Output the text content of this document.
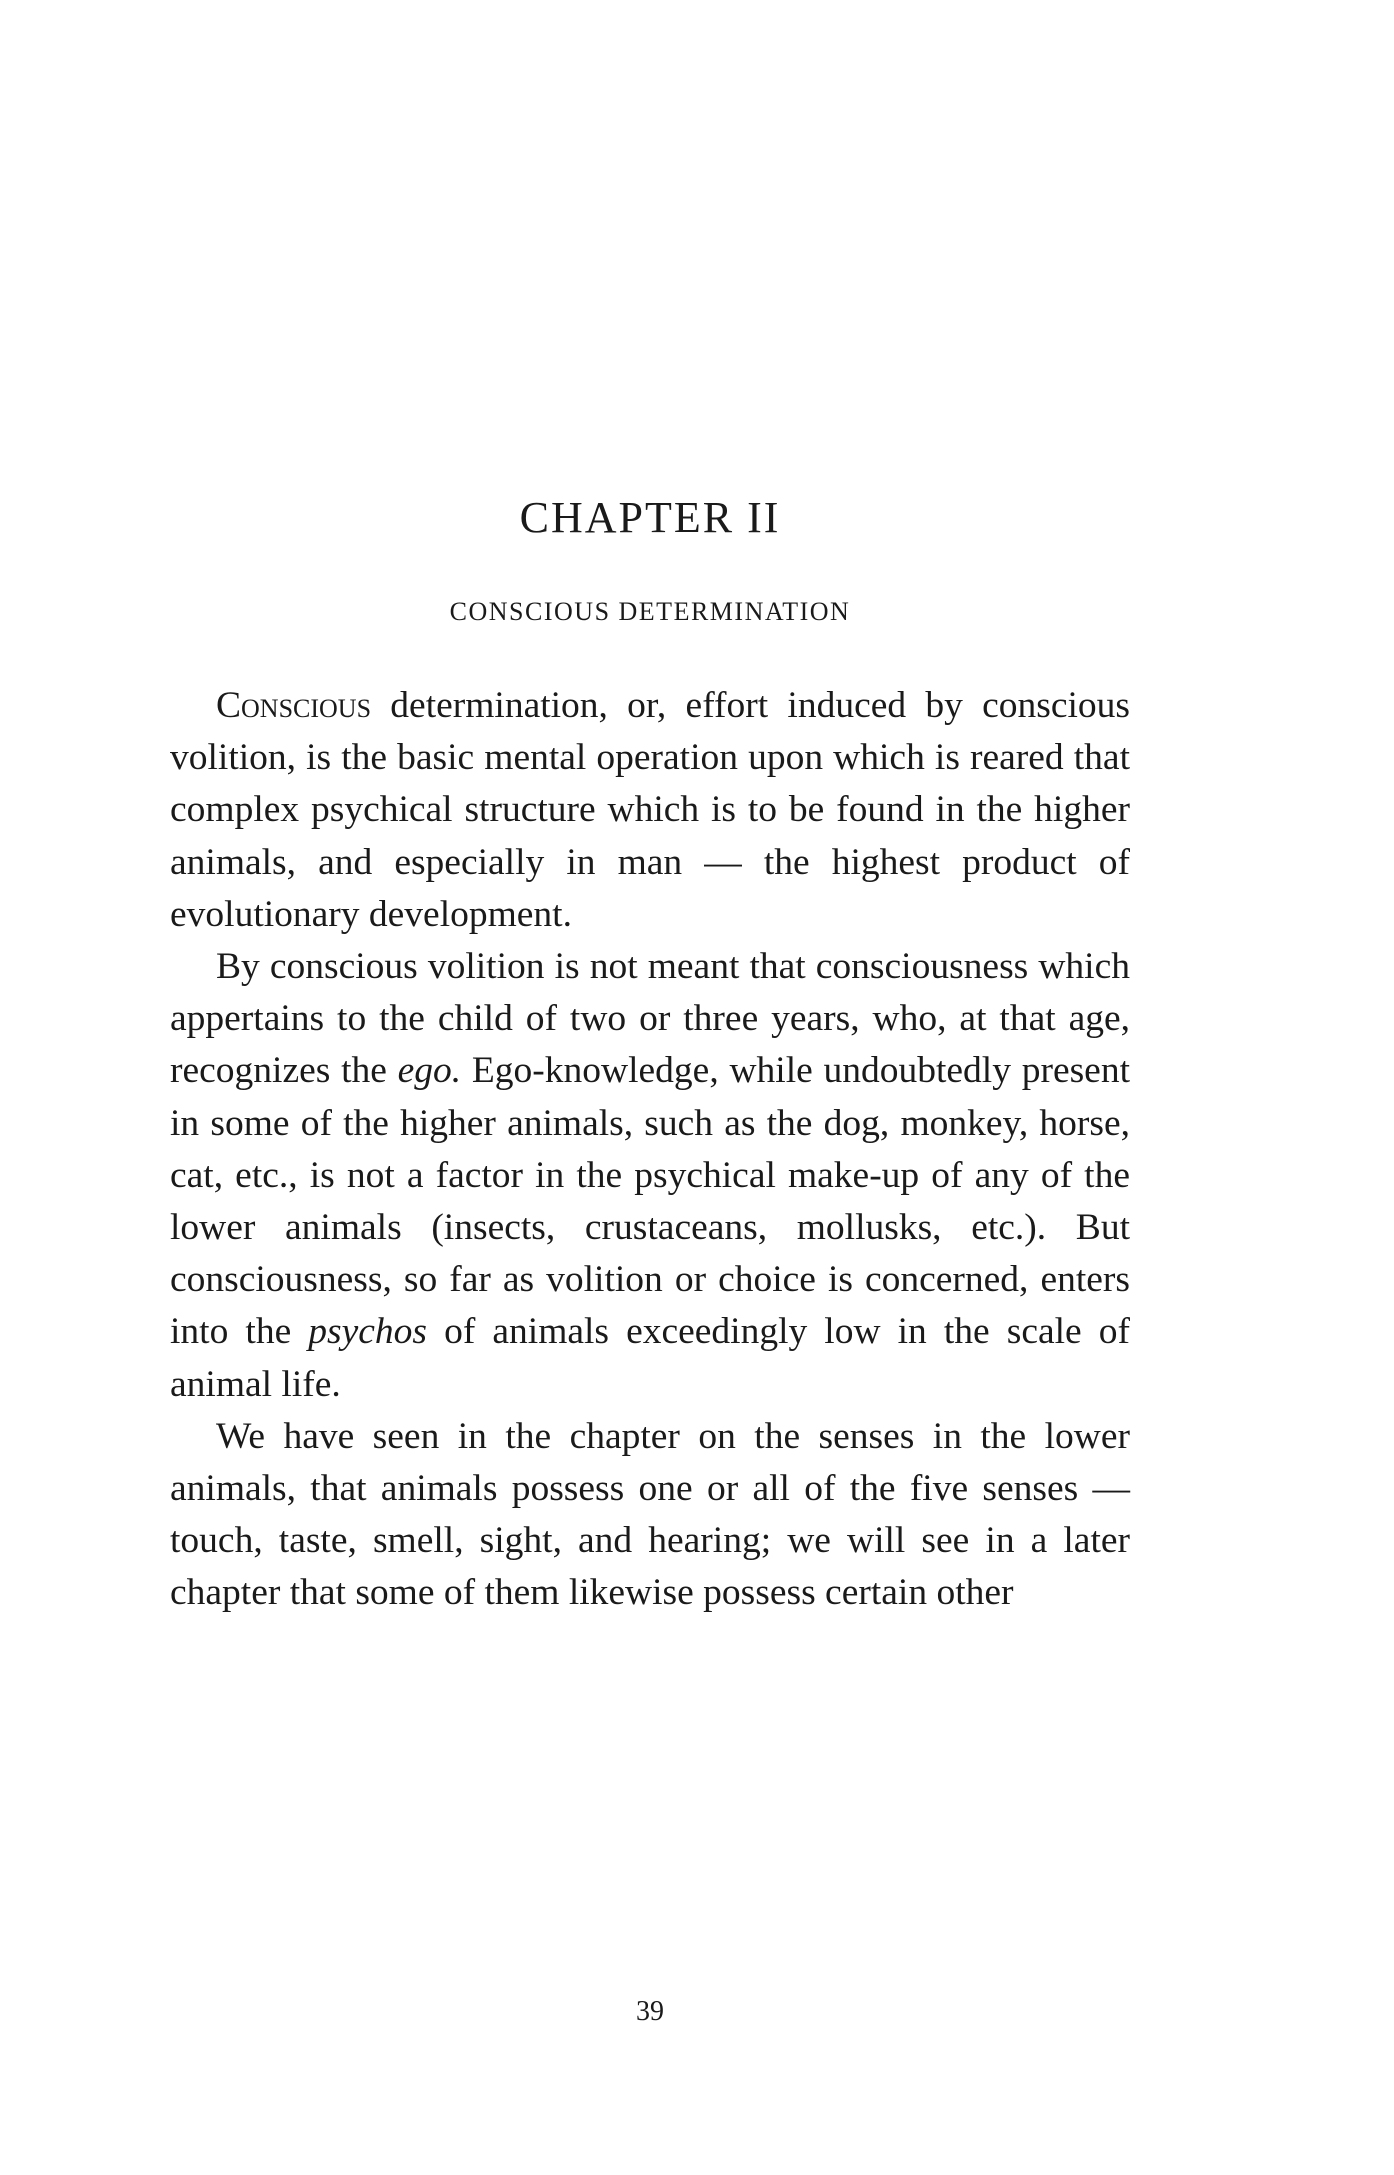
CHAPTER II
CONSCIOUS DETERMINATION

Conscious determination, or, effort induced by conscious volition, is the basic mental operation upon which is reared that complex psychical structure which is to be found in the higher animals, and especially in man — the highest product of evolutionary development.

By conscious volition is not meant that consciousness which appertains to the child of two or three years, who, at that age, recognizes the ego. Ego-knowledge, while undoubtedly present in some of the higher animals, such as the dog, monkey, horse, cat, etc., is not a factor in the psychical make-up of any of the lower animals (insects, crustaceans, mollusks, etc.). But consciousness, so far as volition or choice is concerned, enters into the psychos of animals exceedingly low in the scale of animal life.

We have seen in the chapter on the senses in the lower animals, that animals possess one or all of the five senses — touch, taste, smell, sight, and hearing; we will see in a later chapter that some of them likewise possess certain other

39
